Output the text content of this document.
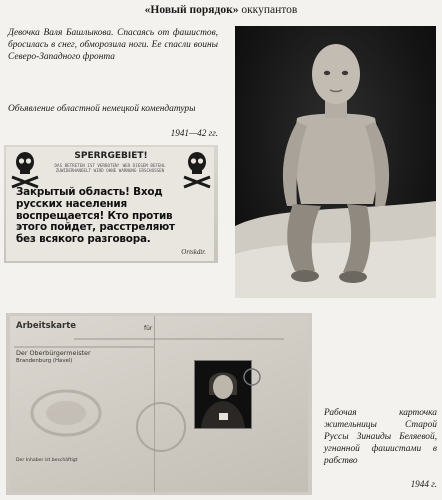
«Новый порядок» оккупантов
Девочка Валя Башлыкова. Спасаясь от фашистов, бросилась в снег, обморозила ноги. Ее спасли воины Северо-Западного фронта
Объявление областной немецкой комендатуры
1941—42 гг.
SPERRGEBIET!
DAS BETRETEN IST VERBOTEN! WER DIESEM BEFEHL ZUWIDERHANDELT WIRD OHNE WARNUNG ERSCHOSSEN
Закрытый область! Вход русских населения воспрещается! Кто против этого пойдет, расстреляют без всякого разговора.
Ortskdtr.
Arbeitskarte	für
Der Oberbürgermeister
Brandenburg (Havel)
Der Inhaber ist beschäftigt
Рабочая карточка жительницы Старой Руссы Зинаиды Беляевой, угнанной фашистами в рабство
1944 г.
